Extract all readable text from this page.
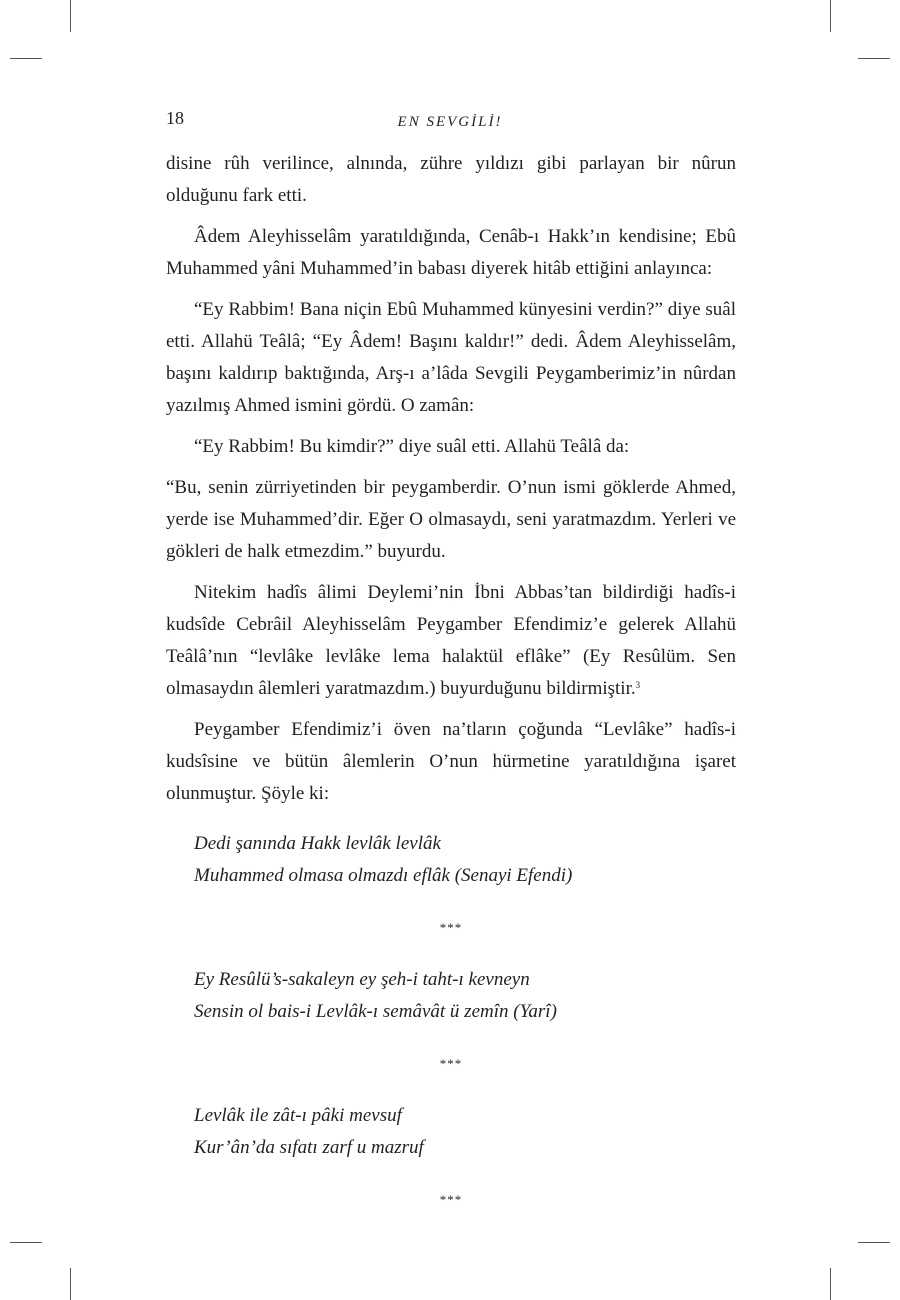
18	EN SEVGİLİ!

disine rûh verilince, alnında, zühre yıldızı gibi parlayan bir nûrun olduğunu fark etti.

Âdem Aleyhisselâm yaratıldığında, Cenâb-ı Hakk’ın kendisine; Ebû Muhammed yâni Muhammed’in babası diyerek hitâb ettiğini anlayınca:

“Ey Rabbim! Bana niçin Ebû Muhammed künyesini verdin?” diye suâl etti. Allahü Teâlâ; “Ey Âdem! Başını kaldır!” dedi. Âdem Aleyhisselâm, başını kaldırıp baktığında, Arş-ı a’lâda Sevgili Peygamberimiz’in nûrdan yazılmış Ahmed ismini gördü. O zamân:

“Ey Rabbim! Bu kimdir?” diye suâl etti. Allahü Teâlâ da:

“Bu, senin zürriyetinden bir peygamberdir. O’nun ismi göklerde Ahmed, yerde ise Muhammed’dir. Eğer O olmasaydı, seni yaratmazdım. Yerleri ve gökleri de halk etmezdim.” buyurdu.

Nitekim hadîs âlimi Deylemi’nin İbni Abbas’tan bildirdiği hadîs-i kudsîde Cebrâil Aleyhisselâm Peygamber Efendimiz’e gelerek Allahü Teâlâ’nın “levlâke levlâke lema halaktül eflâke” (Ey Resûlüm. Sen olmasaydın âlemleri yaratmazdım.) buyurduğunu bildirmiştir.$^3$

Peygamber Efendimiz’i öven na’tların çoğunda “Levlâke” hadîs-i kudsîsine ve bütün âlemlerin O’nun hürmetine yaratıldığına işaret olunmuştur. Şöyle ki:

Dedi şanında Hakk levlâk levlâk
Muhammed olmasa olmazdı eflâk (Senayi Efendi)
***
Ey Resûlü’s-sakaleyn ey şeh-i taht-ı kevneyn
Sensin ol bais-i Levlâk-ı semâvât ü zemîn (Yarî)
***
Levlâk ile zât-ı pâki mevsuf
Kur’ân’da sıfatı zarf u mazruf
***
